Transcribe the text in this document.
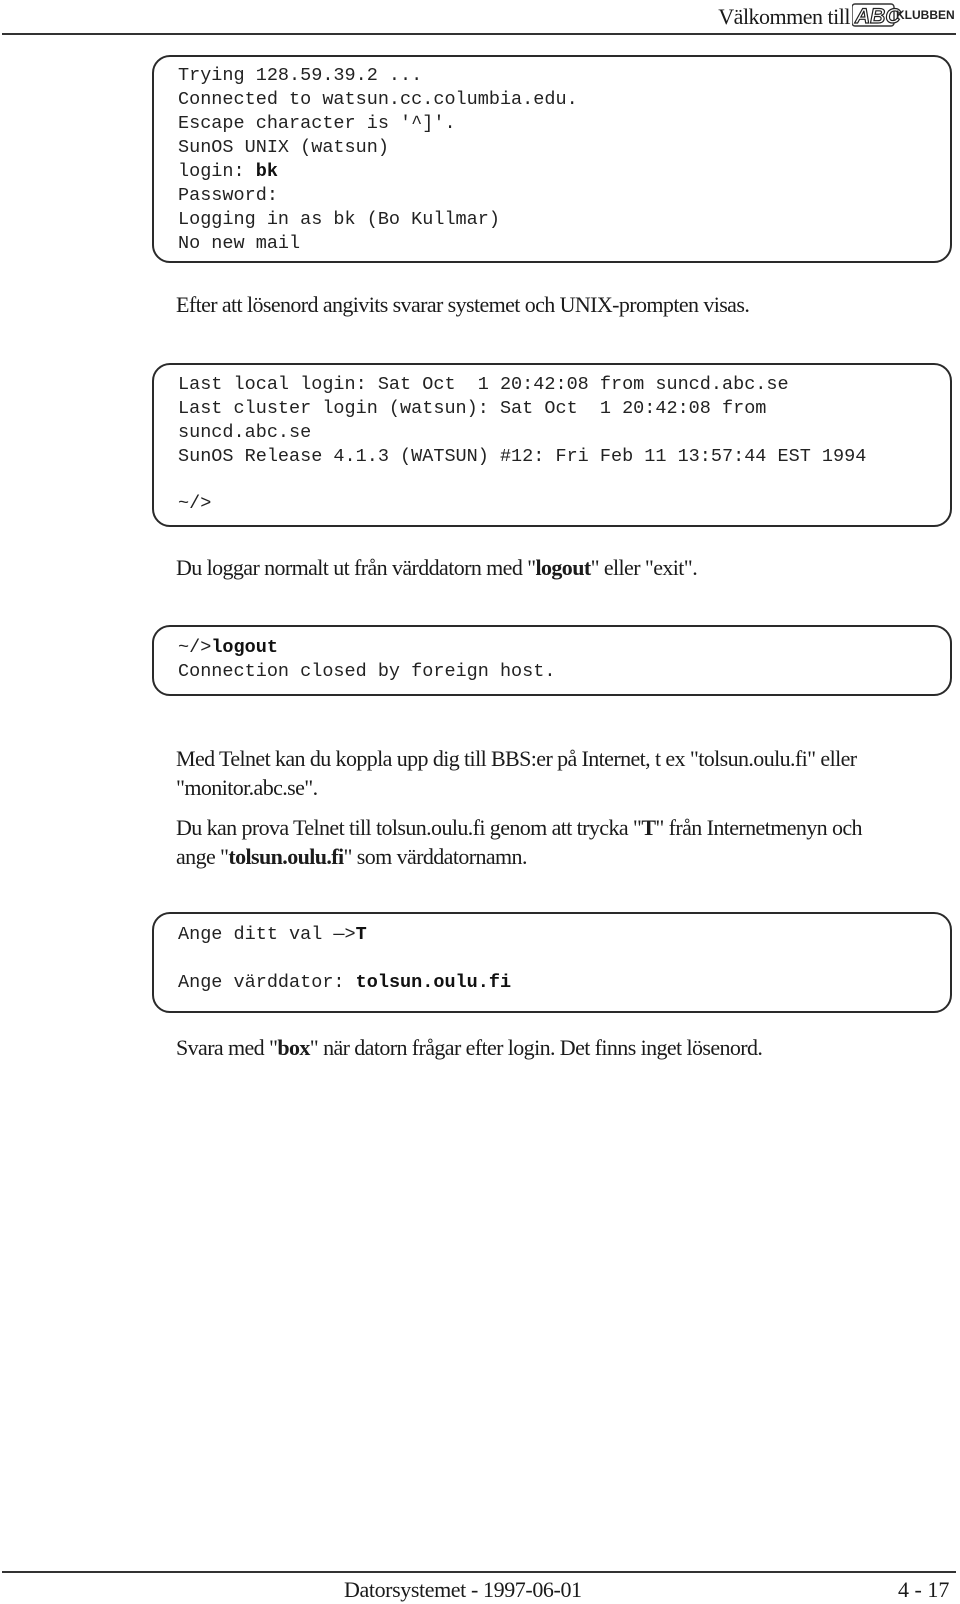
Välkommen till ABC
KLUBBEN
Trying 128.59.39.2 ...
Connected to watsun.cc.columbia.edu.
Escape character is '^]'.
SunOS UNIX (watsun)
login: bk
Password:
Logging in as bk (Bo Kullmar)
No new mail
Efter att lösenord angivits svarar systemet och UNIX-prompten visas.
Last local login: Sat Oct  1 20:42:08 from suncd.abc.se
Last cluster login (watsun): Sat Oct  1 20:42:08 from
suncd.abc.se
SunOS Release 4.1.3 (WATSUN) #12: Fri Feb 11 13:57:44 EST 1994
~/>
Du loggar normalt ut från värddatorn med "logout" eller "exit".
~/>logout
Connection closed by foreign host.
Med Telnet kan du koppla upp dig till BBS:er på Internet, t ex "tolsun.oulu.fi" eller
"monitor.abc.se".
Du kan prova Telnet till tolsun.oulu.fi genom att trycka "T" från Internetmenyn och
ange "tolsun.oulu.fi" som värddatornamn.
Ange ditt val —>T
Ange värddator: tolsun.oulu.fi
Svara med "box" när datorn frågar efter login. Det finns inget lösenord.
Datorsystemet - 1997-06-01	4 - 17
